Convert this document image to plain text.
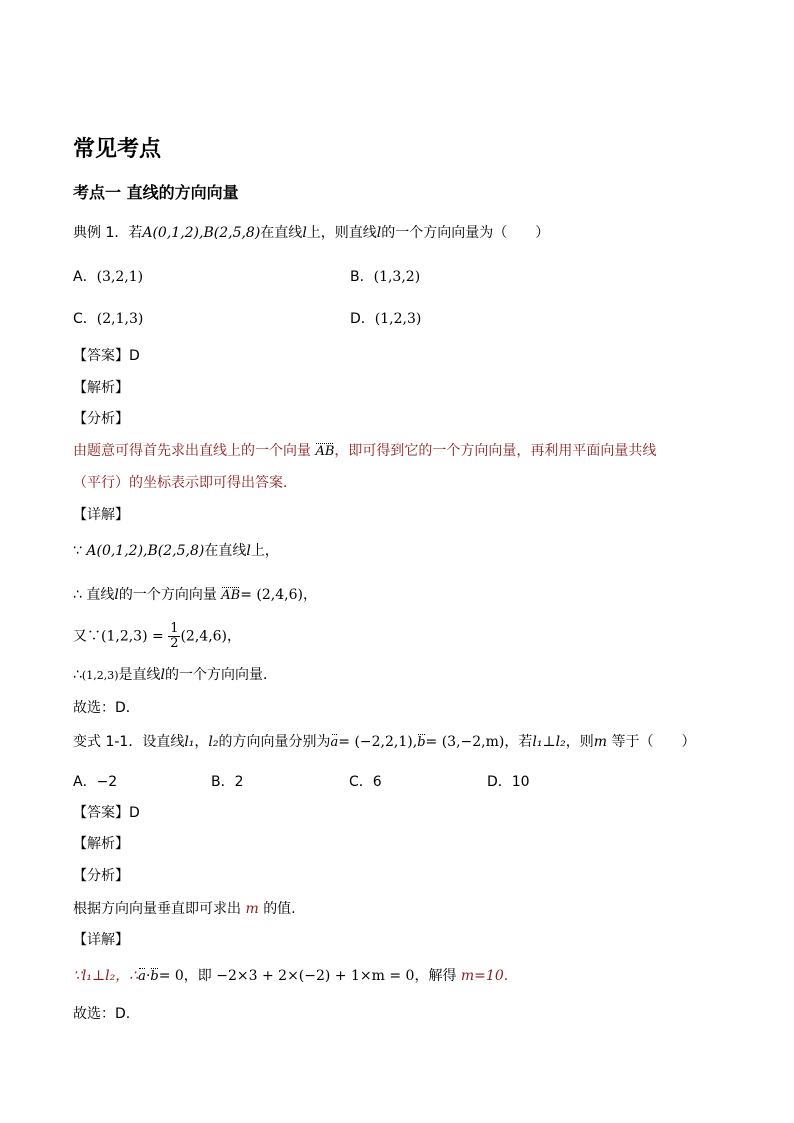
常见考点
考点一 直线的方向向量
典例 1．若A(0,1,2),B(2,5,8)在直线l上，则直线l的一个方向向量为（　　）
A．(3,2,1)	B．(1,3,2)
C．(2,1,3)	D．(1,2,3)
【答案】D
【解析】
【分析】
由题意可得首先求出直线上的一个向量 AB，即可得到它的一个方向向量，再利用平面向量共线
（平行）的坐标表示即可得出答案．
【详解】
∵ A(0,1,2),B(2,5,8)在直线l上，
∴ 直线l的一个方向向量 AB= (2,4,6)，
又∵(1,2,3) = $\frac{1}{2} (2,4,6)$，
∴(1,2,3)是直线l的一个方向向量．
故选：D．
变式 1-1．设直线l₁，l₂的方向向量分别为a= (−2,2,1),b= (3,−2,m)，若l₁⊥l₂，则m 等于（　　）
A．−2	B．2	C．6	D．10
【答案】D
【解析】
【分析】
根据方向向量垂直即可求出 m 的值.
【详解】
∵l₁⊥l₂，∴a·b= 0，即 −2×3 + 2×(−2) + 1×m = 0，解得 m=10.
故选：D.
